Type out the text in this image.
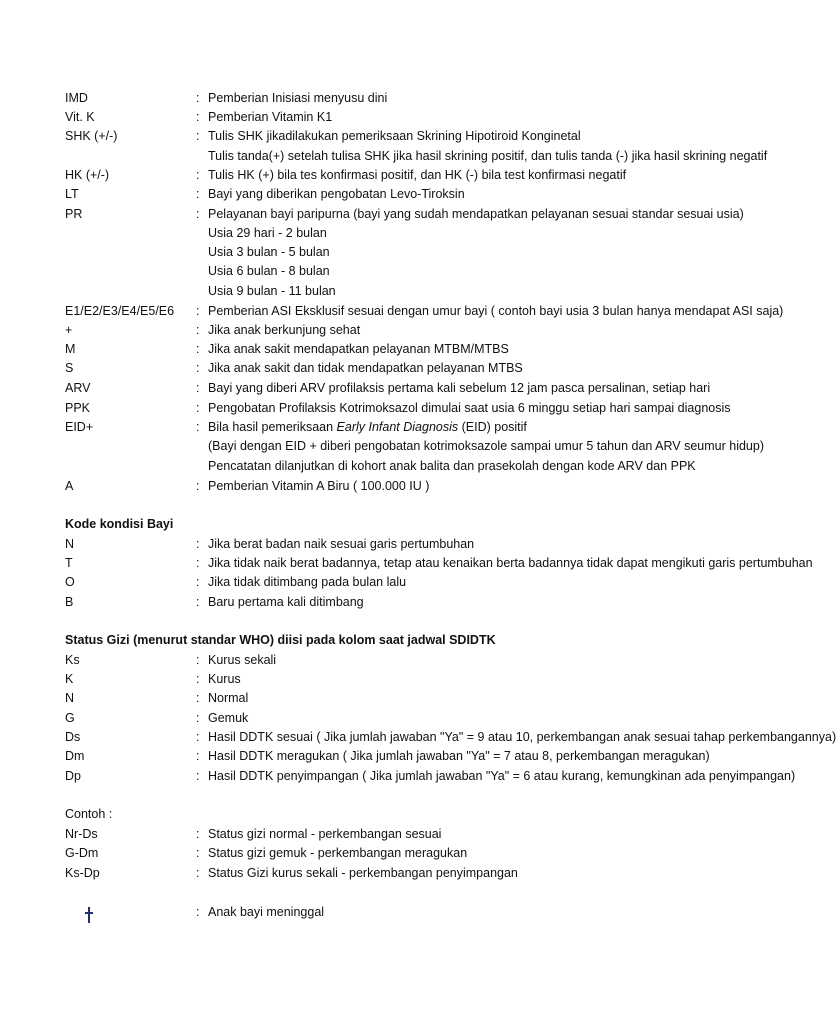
IMD	: Pemberian Inisiasi menyusu dini
Vit. K	: Pemberian Vitamin K1
SHK (+/-)	: Tulis SHK jikadilakukan pemeriksaan Skrining Hipotiroid Konginetal
Tulis tanda(+) setelah tulisa SHK jika hasil skrining positif, dan tulis tanda (-) jika hasil skrining negatif
HK (+/-)	: Tulis HK (+) bila tes konfirmasi positif, dan HK (-) bila test konfirmasi negatif
LT	: Bayi yang diberikan pengobatan Levo-Tiroksin
PR	: Pelayanan bayi paripurna (bayi yang sudah mendapatkan pelayanan sesuai standar sesuai usia)
Usia 29 hari - 2 bulan
Usia 3 bulan - 5 bulan
Usia 6 bulan - 8 bulan
Usia 9 bulan - 11 bulan
E1/E2/E3/E4/E5/E6 : Pemberian ASI Eksklusif sesuai dengan umur bayi ( contoh bayi usia 3 bulan hanya mendapat ASI saja)
+	: Jika anak berkunjung sehat
M	: Jika anak sakit mendapatkan pelayanan MTBM/MTBS
S	: Jika anak sakit dan tidak mendapatkan pelayanan MTBS
ARV	: Bayi yang diberi ARV profilaksis pertama kali sebelum 12 jam pasca persalinan, setiap hari
PPK	: Pengobatan Profilaksis Kotrimoksazol dimulai saat usia 6 minggu setiap hari sampai diagnosis
EID+	: Bila hasil pemeriksaan Early Infant Diagnosis (EID) positif
(Bayi dengan EID + diberi pengobatan kotrimoksazole sampai umur 5 tahun dan ARV seumur hidup)
Pencatatan dilanjutkan di kohort anak balita dan prasekolah dengan kode ARV dan PPK
A	: Pemberian Vitamin A Biru ( 100.000 IU )
Kode kondisi Bayi
N	: Jika berat badan naik sesuai garis pertumbuhan
T	: Jika tidak naik berat badannya, tetap atau kenaikan berta badannya tidak dapat mengikuti garis pertumbuhan
O	: Jika tidak ditimbang pada bulan lalu
B	: Baru pertama kali ditimbang
Status Gizi (menurut standar WHO) diisi pada kolom saat jadwal SDIDTK
Ks	: Kurus sekali
K	: Kurus
N	: Normal
G	: Gemuk
Ds	: Hasil DDTK sesuai ( Jika jumlah jawaban "Ya" = 9 atau 10, perkembangan anak sesuai tahap perkembangannya)
Dm	: Hasil DDTK meragukan ( Jika jumlah jawaban "Ya" = 7 atau 8, perkembangan meragukan)
Dp	: Hasil DDTK penyimpangan ( Jika jumlah jawaban "Ya" = 6 atau kurang, kemungkinan ada penyimpangan)
Contoh :
Nr-Ds	: Status gizi normal - perkembangan sesuai
G-Dm	: Status gizi gemuk - perkembangan meragukan
Ks-Dp	: Status Gizi kurus sekali - perkembangan penyimpangan
: Anak bayi meninggal
